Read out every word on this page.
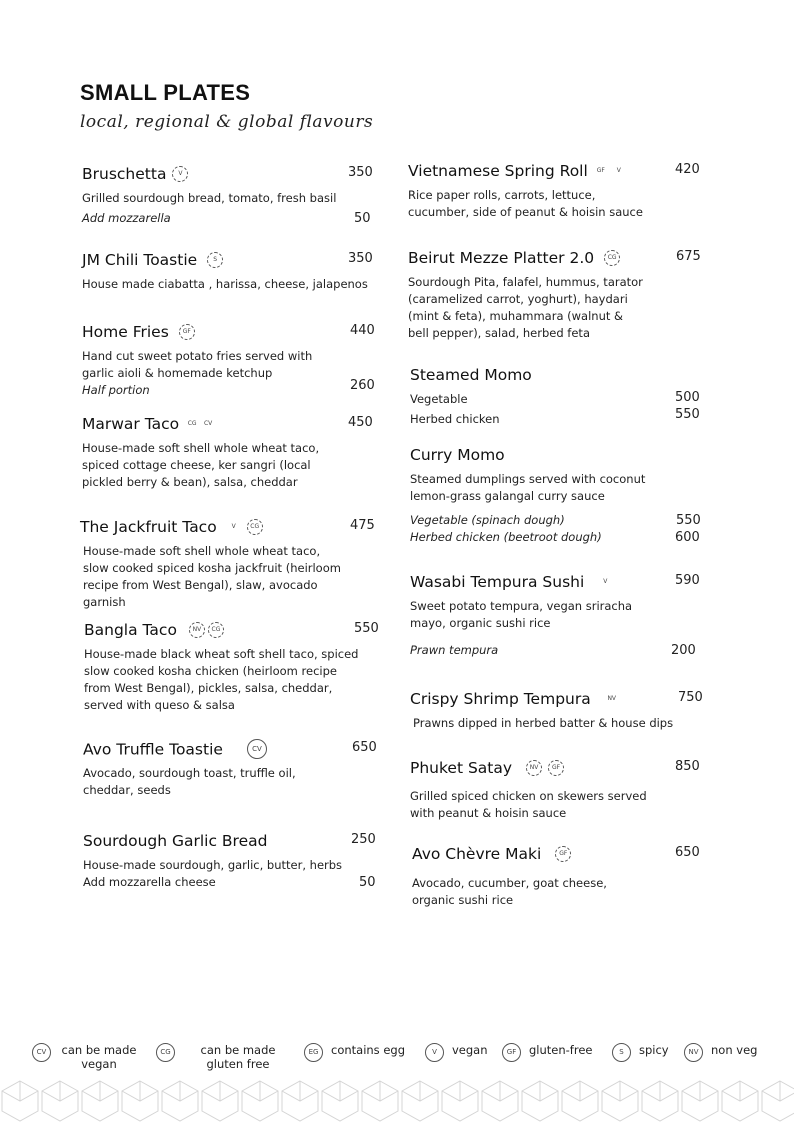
SMALL PLATES
local, regional & global flavours
Bruschetta V	350
Grilled sourdough bread, tomato, fresh basil
Add mozzarella	50
JM Chili Toastie	S	350
House made ciabatta , harissa, cheese, jalapenos
Home Fries GF	440
Hand cut sweet potato fries served with garlic aioli & homemade ketchup
Half portion	260
Marwar Taco CG CV	450
House-made soft shell whole wheat taco, spiced cottage cheese, ker sangri (local pickled berry & bean), salsa, cheddar
The Jackfruit Taco V CG	475
House-made soft shell whole wheat taco, slow cooked spiced kosha jackfruit (heirloom recipe from West Bengal), slaw, avocado garnish
Bangla Taco	NV CG	550
House-made black wheat soft shell taco, spiced slow cooked kosha chicken (heirloom recipe from West Bengal), pickles, salsa, cheddar, served with queso & salsa
Avo Truffle Toastie	CV	650
Avocado, sourdough toast, truffle oil, cheddar, seeds
Sourdough Garlic Bread	250
House-made sourdough, garlic, butter, herbs
Add mozzarella cheese	50
Vietnamese Spring Roll GF V	420
Rice paper rolls, carrots, lettuce, cucumber, side of peanut & hoisin sauce
Beirut Mezze Platter 2.0 CG	675
Sourdough Pita, falafel, hummus, tarator (caramelized carrot, yoghurt), haydari (mint & feta), muhammara (walnut & bell pepper), salad, herbed feta
Steamed Momo
Vegetable	500
Herbed chicken	550
Curry Momo
Steamed dumplings served with coconut lemon-grass galangal curry sauce
Vegetable (spinach dough)	550
Herbed chicken (beetroot dough)	600
Wasabi Tempura Sushi	V	590
Sweet potato tempura, vegan sriracha mayo, organic sushi rice
Prawn tempura	200
Crispy Shrimp Tempura	NV	750
Prawns dipped in herbed batter & house dips
Phuket Satay	NV GF	850
Grilled spiced chicken on skewers served with peanut & hoisin sauce
Avo Chèvre Maki	GF	650
Avocado, cucumber, goat cheese, organic sushi rice
CV	can be made vegan
CG	can be made gluten free
EG	contains egg	V	vegan	GF	gluten-free	S	spicy	NV	non veg
